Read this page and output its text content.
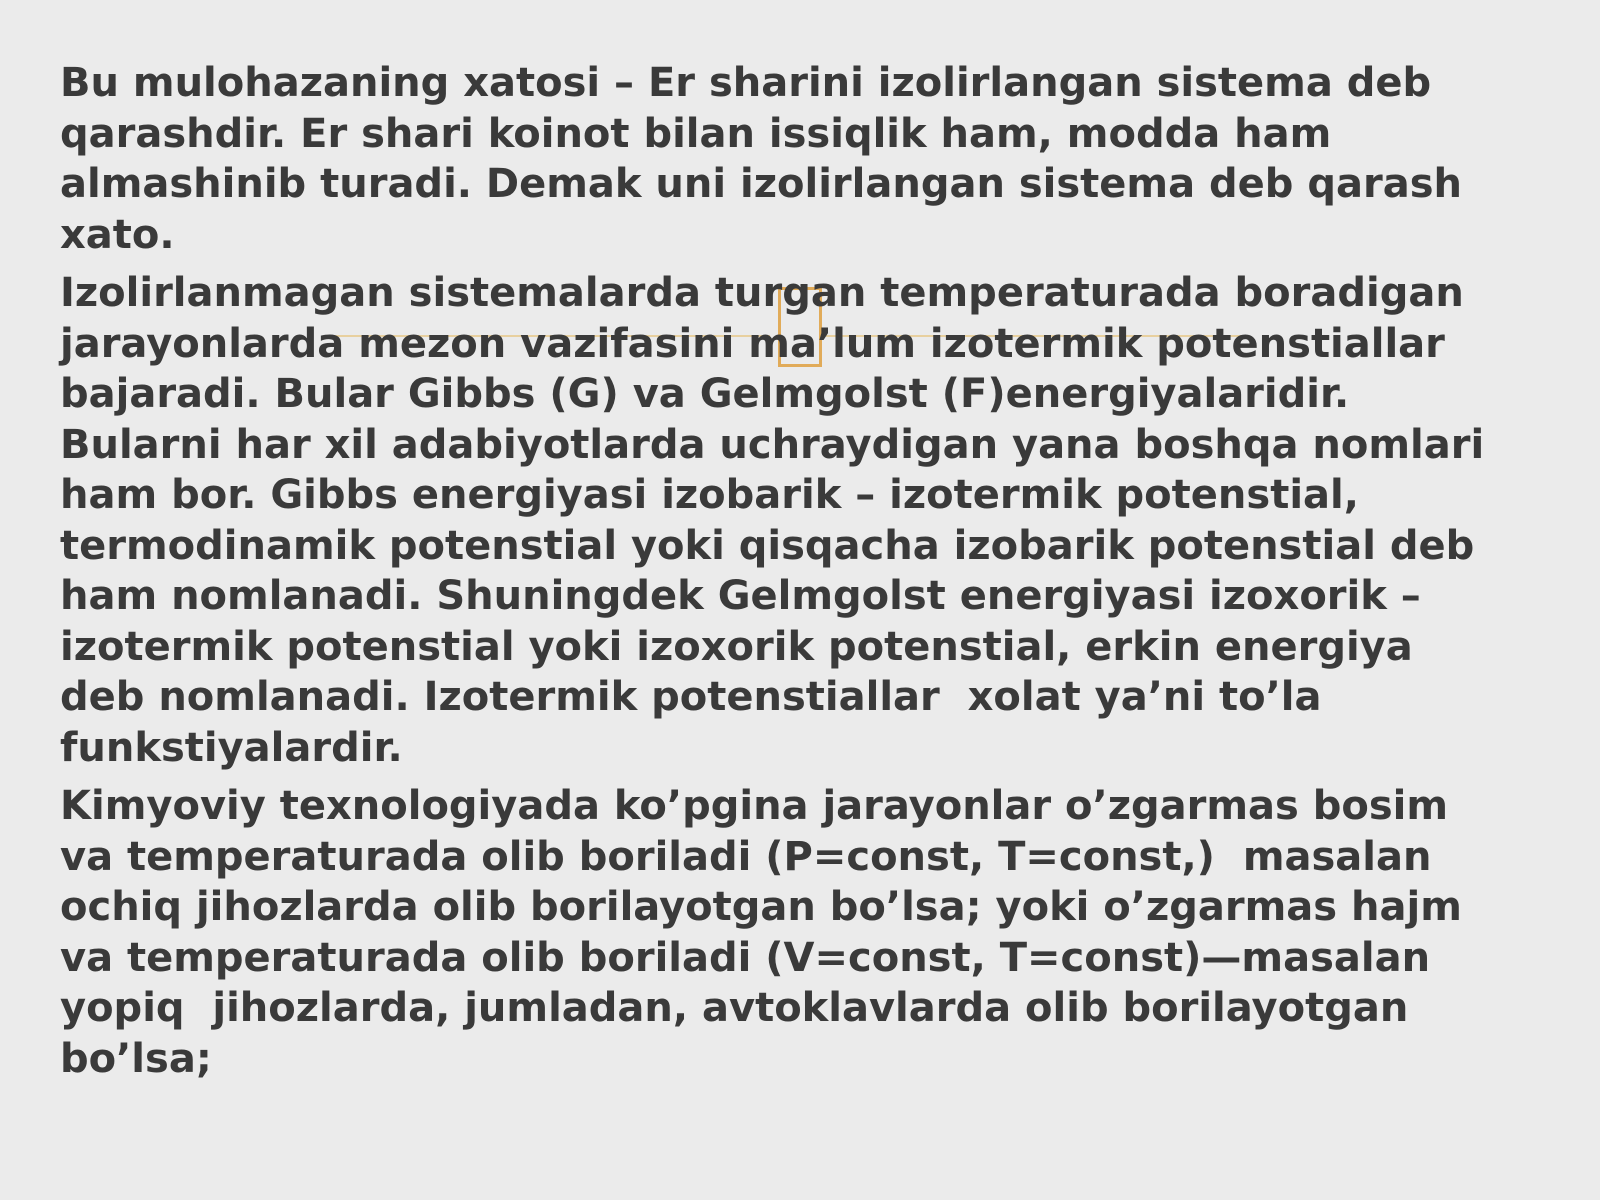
Bu mulohazaning xatosi – Er sharini izolirlangan sistema deb
qarashdir. Er shari koinot bilan issiqlik ham, modda ham
almashinib turadi. Demak uni izolirlangan sistema deb qarash
xato.

Izolirlanmagan sistemalarda turgan temperaturada boradigan
jarayonlarda mezon vazifasini ma’lum izotermik potenstiallar
bajaradi. Bular Gibbs (G) va Gelmgolst (F)energiyalaridir.
Bularni har xil adabiyotlarda uchraydigan yana boshqa nomlari
ham bor. Gibbs energiyasi izobarik – izotermik potenstial,
termodinamik potenstial yoki qisqacha izobarik potenstial deb
ham nomlanadi. Shuningdek Gelmgolst energiyasi izoxorik –
izotermik potenstial yoki izoxorik potenstial, erkin energiya
deb nomlanadi. Izotermik potenstiallar  xolat ya’ni to’la
funkstiyalardir.

Kimyoviy texnologiyada ko’pgina jarayonlar o’zgarmas bosim
va temperaturada olib boriladi (P=const, T=const,)  masalan
ochiq jihozlarda olib borilayotgan bo’lsa; yoki o’zgarmas hajm
va temperaturada olib boriladi (V=const, T=const)—masalan
yopiq  jihozlarda, jumladan, avtoklavlarda olib borilayotgan
bo’lsa;
